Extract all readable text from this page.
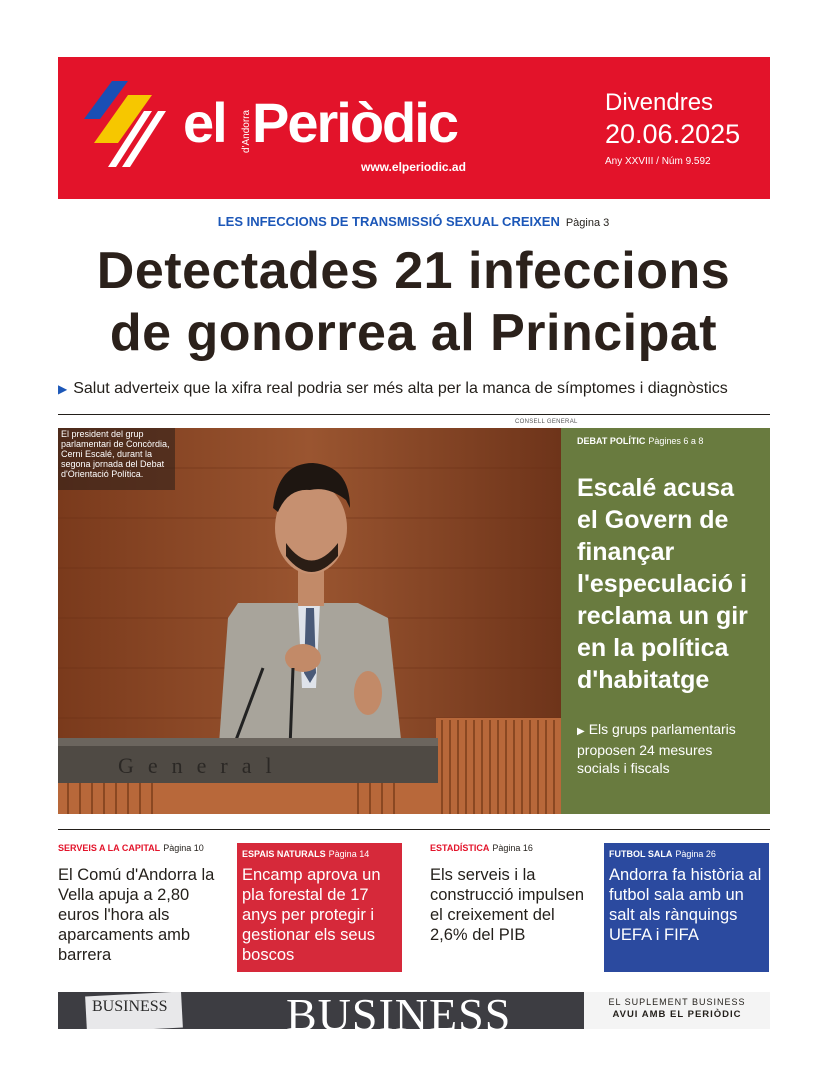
el d'Andorra Periòdic
www.elperiodic.ad
Divendres
20.06.2025
Any XXVIII / Núm 9.592
LES INFECCIONS DE TRANSMISSIÓ SEXUAL CREIXEN Pàgina 3
Detectades 21 infeccions
de gonorrea al Principat
▶ Salut adverteix que la xifra real podria ser més alta per la manca de símptomes i diagnòstics
CONSELL GENERAL
General
El president del grup parlamentari de Concòrdia, Cerni Escalé, durant la segona jornada del Debat d'Orientació Política.
DEBAT POLÍTIC Pàgines 6 a 8
Escalé acusa el Govern de finançar l'especulació i reclama un gir en la política d'habitatge
▶ Els grups parlamentaris proposen 24 mesures socials i fiscals
SERVEIS A LA CAPITAL Pàgina 10
El Comú d'Andorra la Vella apuja a 2,80 euros l'hora als aparcaments amb barrera
ESPAIS NATURALS Pàgina 14
Encamp aprova un pla forestal de 17 anys per protegir i gestionar els seus boscos
ESTADÍSTICA Pàgina 16
Els serveis i la construcció impulsen el creixement del 2,6% del PIB
FUTBOL SALA Pàgina 26
Andorra fa història al futbol sala amb un salt als rànquings UEFA i FIFA
BUSINESS	BUSINESS	EL SUPLEMENT BUSINESS
AVUI AMB EL PERIÒDIC
